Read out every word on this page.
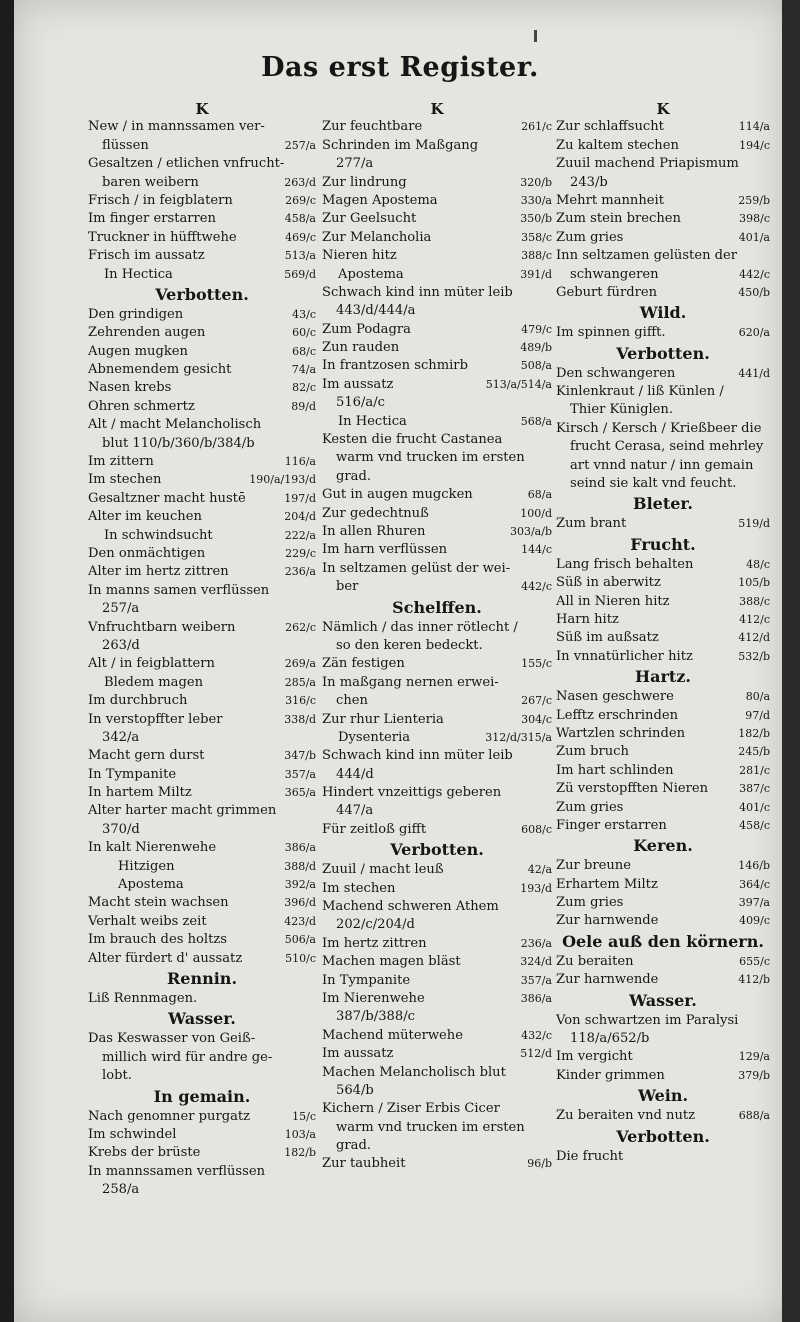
Das erst Register.
K
New / in mannssamen ver-
flüssen	257/a
Gesaltzen / etlichen vnfrucht-
baren weibern	263/d
Frisch / in feigblatern	269/c
Im finger erstarren	458/a
Truckner in hüfftwehe	469/c
Frisch im aussatz	513/a
In Hectica	569/d
Verbotten.
Den grindigen	43/c
Zehrenden augen	60/c
Augen mugken	68/c
Abnemendem gesicht	74/a
Nasen krebs	82/c
Ohren schmertz	89/d
Alt / macht Melancholisch
blut 110/b/360/b/384/b
Im zittern	116/a
Im stechen	190/a/193/d
Gesaltzner macht hustē	197/d
Alter im keuchen	204/d
In schwindsucht	222/a
Den onmächtigen	229/c
Alter im hertz zittren	236/a
In manns samen verflüssen
257/a
Vnfruchtbarn weibern	262/c
263/d
Alt / in feigblattern	269/a
Bledem magen	285/a
Im durchbruch	316/c
In verstopffter leber	338/d
342/a
Macht gern durst	347/b
In Tympanite	357/a
In hartem Miltz	365/a
Alter harter macht grimmen
370/d
In kalt Nierenwehe	386/a
Hitzigen	388/d
Apostema	392/a
Macht stein wachsen	396/d
Verhalt weibs zeit	423/d
Im brauch des holtzs	506/a
Alter fürdert d' aussatz	510/c
Rennin.
Liß Rennmagen.
Wasser.
Das Keswasser von Geiß-
millich wird für andre ge-
lobt.
In gemain.
Nach genomner purgatz	15/c
Im schwindel	103/a
Krebs der brüste	182/b
In mannssamen verflüssen
258/a
K
Zur feuchtbare	261/c
Schrinden im Maßgang
277/a
Zur lindrung	320/b
Magen Apostema	330/a
Zur Geelsucht	350/b
Zur Melancholia	358/c
Nieren hitz	388/c
Apostema	391/d
Schwach kind inn müter leib
443/d/444/a
Zum Podagra	479/c
Zun rauden	489/b
In frantzosen schmirb	508/a
Im aussatz	513/a/514/a
516/a/c
In Hectica	568/a
Kesten die frucht Castanea
warm vnd trucken im ersten
grad.
Gut in augen mugcken	68/a
Zur gedechtnuß	100/d
In allen Rhuren	303/a/b
Im harn verflüssen	144/c
In seltzamen gelüst der wei-
ber	442/c
Schelffen.
Nämlich / das inner rötlecht /
so den keren bedeckt.
Zän festigen	155/c
In maßgang nernen erwei-
chen	267/c
Zur rhur Lienteria	304/c
Dysenteria	312/d/315/a
Schwach kind inn müter leib
444/d
Hindert vnzeittigs geberen
447/a
Für zeitloß gifft	608/c
Verbotten.
Zuuil / macht leuß	42/a
Im stechen	193/d
Machend schweren Athem
202/c/204/d
Im hertz zittren	236/a
Machen magen bläst	324/d
In Tympanite	357/a
Im Nierenwehe	386/a
387/b/388/c
Machend müterwehe	432/c
Im aussatz	512/d
Machen Melancholisch blut
564/b
Kichern / Ziser Erbis Cicer
warm vnd trucken im ersten
grad.
Zur taubheit	96/b
K
Zur schlaffsucht	114/a
Zu kaltem stechen	194/c
Zuuil machend Priapismum
243/b
Mehrt mannheit	259/b
Zum stein brechen	398/c
Zum gries	401/a
Inn seltzamen gelüsten der
schwangeren	442/c
Geburt fürdren	450/b
Wild.
Im spinnen gifft.	620/a
Verbotten.
Den schwangeren	441/d
Kinlenkraut / liß Künlen /
Thier Küniglen.
Kirsch / Kersch / Krießbeer die
frucht Cerasa, seind mehrley
art vnnd natur / inn gemain
seind sie kalt vnd feucht.
Bleter.
Zum brant	519/d
Frucht.
Lang frisch behalten	48/c
Süß in aberwitz	105/b
All in Nieren hitz	388/c
Harn hitz	412/c
Süß im außsatz	412/d
In vnnatürlicher hitz	532/b
Hartz.
Nasen geschwere	80/a
Lefftz erschrinden	97/d
Wartzlen schrinden	182/b
Zum bruch	245/b
Im hart schlinden	281/c
Zü verstopfften Nieren	387/c
Zum gries	401/c
Finger erstarren	458/c
Keren.
Zur breune	146/b
Erhartem Miltz	364/c
Zum gries	397/a
Zur harnwende	409/c
Oele auß den körnern.
Zu beraiten	655/c
Zur harnwende	412/b
Wasser.
Von schwartzen im Paralysi
118/a/652/b
Im vergicht	129/a
Kinder grimmen	379/b
Wein.
Zu beraiten vnd nutz	688/a
Verbotten.
Die frucht
